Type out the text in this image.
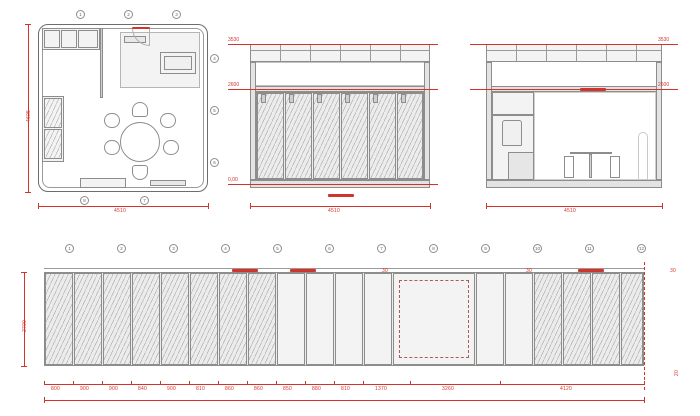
4605
4510
1	2	3
4
5
6
7
8
3530
2600
0,00
4510
3530
2600
4510
1	2	3	4	5	6	7	8	9	10	11	12
30	30	30
2700
20
800	900	900	840	900	810	860	860	850	880	810	1370	3260	4120
